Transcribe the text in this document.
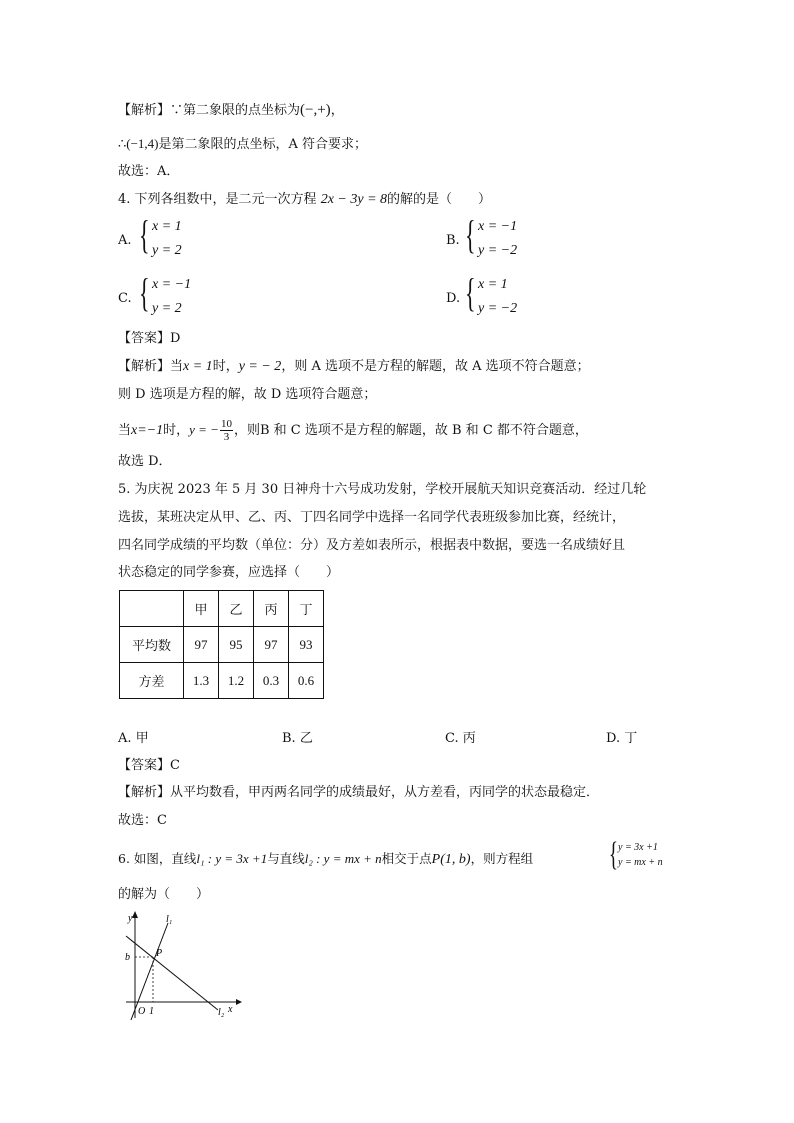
【解析】∵第二象限的点坐标为(−,+)，
∴(−1,4)是第二象限的点坐标，A 符合要求；
故选：A．
4. 下列各组数中，是二元一次方程 2x − 3y = 8的解的是（　　）
A. { x = 1
y = 2
B. { x = −1
y = −2
C. { x = −1
y = 2
D. { x = 1
y = −2
【答案】D
【解析】当x = 1时，y = − 2，则 A 选项不是方程的解题，故 A 选项不符合题意；
则 D 选项是方程的解，故 D 选项符合题意；
当x=−1时，y = − $\frac{10}{3}$ ，则B 和 C 选项不是方程的解题，故 B 和 C 都不符合题意，
故选 D．
5. 为庆祝 2023 年 5 月 30 日神舟十六号成功发射，学校开展航天知识竞赛活动．经过几轮
选拔，某班决定从甲、乙、丙、丁四名同学中选择一名同学代表班级参加比赛，经统计，
四名同学成绩的平均数（单位：分）及方差如表所示，根据表中数据，要选一名成绩好且
状态稳定的同学参赛，应选择（　　）
	甲	乙	丙	丁
平均数	97	95	97	93
方差	1.3	1.2	0.3	0.6
A. 甲	B. 乙	C. 丙	D. 丁
【答案】C
【解析】从平均数看，甲丙两名同学的成绩最好，从方差看，丙同学的状态最稳定．
故选：C
6. 如图，直线l₁ : y = 3x +1与直线l₂ : y = mx + n相交于点P(1, b)，则方程组 { y = 3x +1
y = mx + n
的解为（　　）
y	l₁
b	P
O 1	l₂ x
